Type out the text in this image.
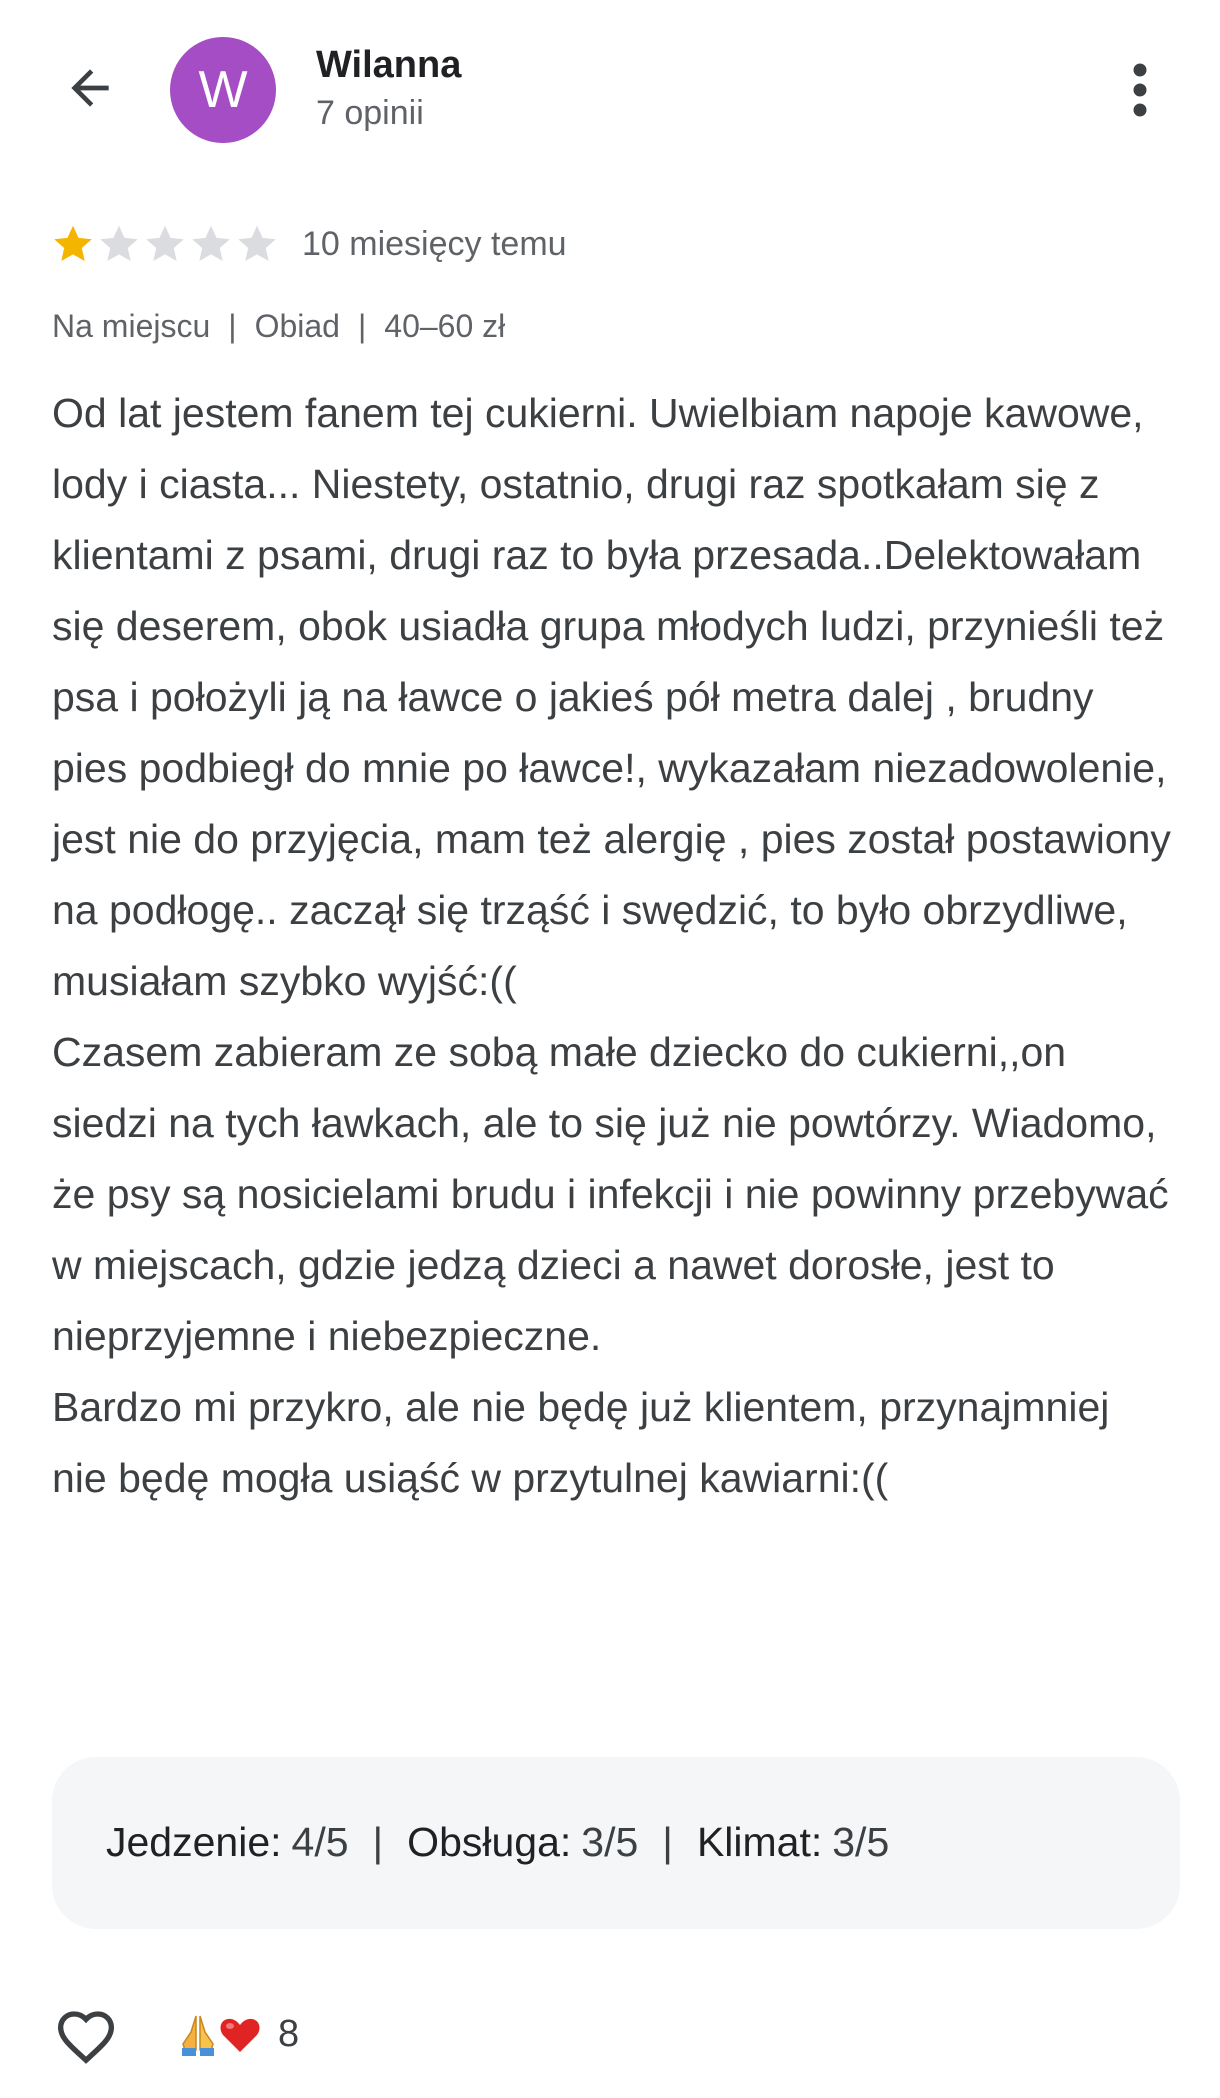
W Wilanna
7 opinii
10 miesięcy temu
Na miejscu | Obiad | 40–60 zł
Od lat jestem fanem tej cukierni. Uwielbiam napoje kawowe, lody i ciasta... Niestety, ostatnio, drugi raz spotkałam się z klientami z psami, drugi raz to była przesada..Delektowałam się deserem, obok usiadła grupa młodych ludzi, przynieśli też psa i położyli ją na ławce o jakieś pół metra dalej , brudny pies podbiegł do mnie po ławce!, wykazałam niezadowolenie, jest nie do przyjęcia, mam też alergię , pies został postawiony na podłogę.. zaczął się trząść i swędzić, to było obrzydliwe, musiałam szybko wyjść:((
Czasem zabieram ze sobą małe dziecko do cukierni,,on siedzi na tych ławkach, ale to się już nie powtórzy. Wiadomo, że psy są nosicielami brudu i infekcji i nie powinny przebywać w miejscach, gdzie jedzą dzieci a nawet dorosłe, jest to nieprzyjemne i niebezpieczne.
Bardzo mi przykro, ale nie będę już klientem, przynajmniej nie będę mogła usiąść w przytulnej kawiarni:((
Jedzenie: 4/5 | Obsługa: 3/5 | Klimat: 3/5
8
